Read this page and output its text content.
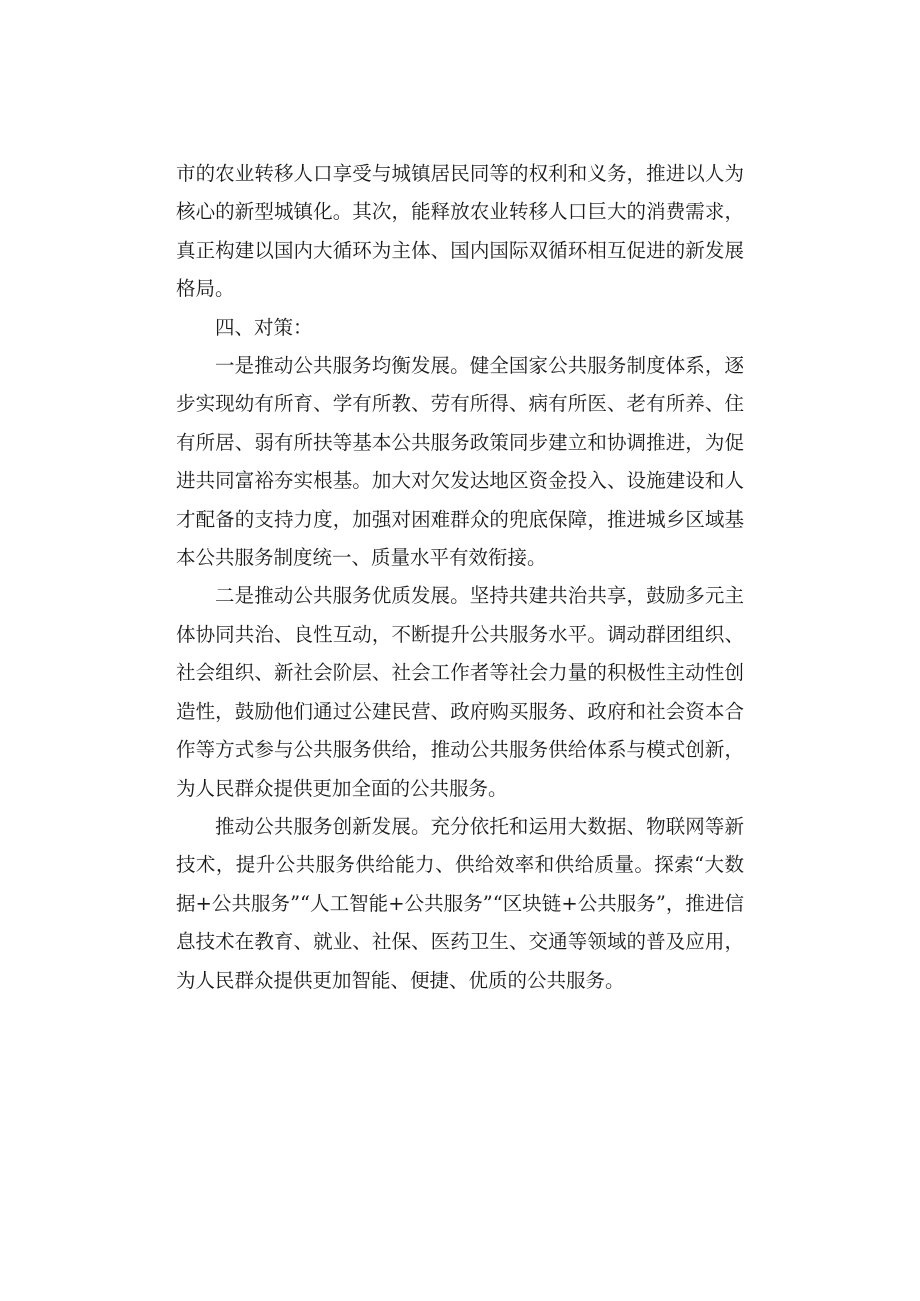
市的农业转移人口享受与城镇居民同等的权利和义务，推进以人为核心的新型城镇化。其次，能释放农业转移人口巨大的消费需求，真正构建以国内大循环为主体、国内国际双循环相互促进的新发展格局。

四、对策：

一是推动公共服务均衡发展。健全国家公共服务制度体系，逐步实现幼有所育、学有所教、劳有所得、病有所医、老有所养、住有所居、弱有所扶等基本公共服务政策同步建立和协调推进，为促进共同富裕夯实根基。加大对欠发达地区资金投入、设施建设和人才配备的支持力度，加强对困难群众的兜底保障，推进城乡区域基本公共服务制度统一、质量水平有效衔接。

二是推动公共服务优质发展。坚持共建共治共享，鼓励多元主体协同共治、良性互动，不断提升公共服务水平。调动群团组织、社会组织、新社会阶层、社会工作者等社会力量的积极性主动性创造性，鼓励他们通过公建民营、政府购买服务、政府和社会资本合作等方式参与公共服务供给，推动公共服务供给体系与模式创新，为人民群众提供更加全面的公共服务。

推动公共服务创新发展。充分依托和运用大数据、物联网等新技术，提升公共服务供给能力、供给效率和供给质量。探索“大数据+公共服务”“人工智能+公共服务”“区块链+公共服务”，推进信息技术在教育、就业、社保、医药卫生、交通等领域的普及应用，为人民群众提供更加智能、便捷、优质的公共服务。
